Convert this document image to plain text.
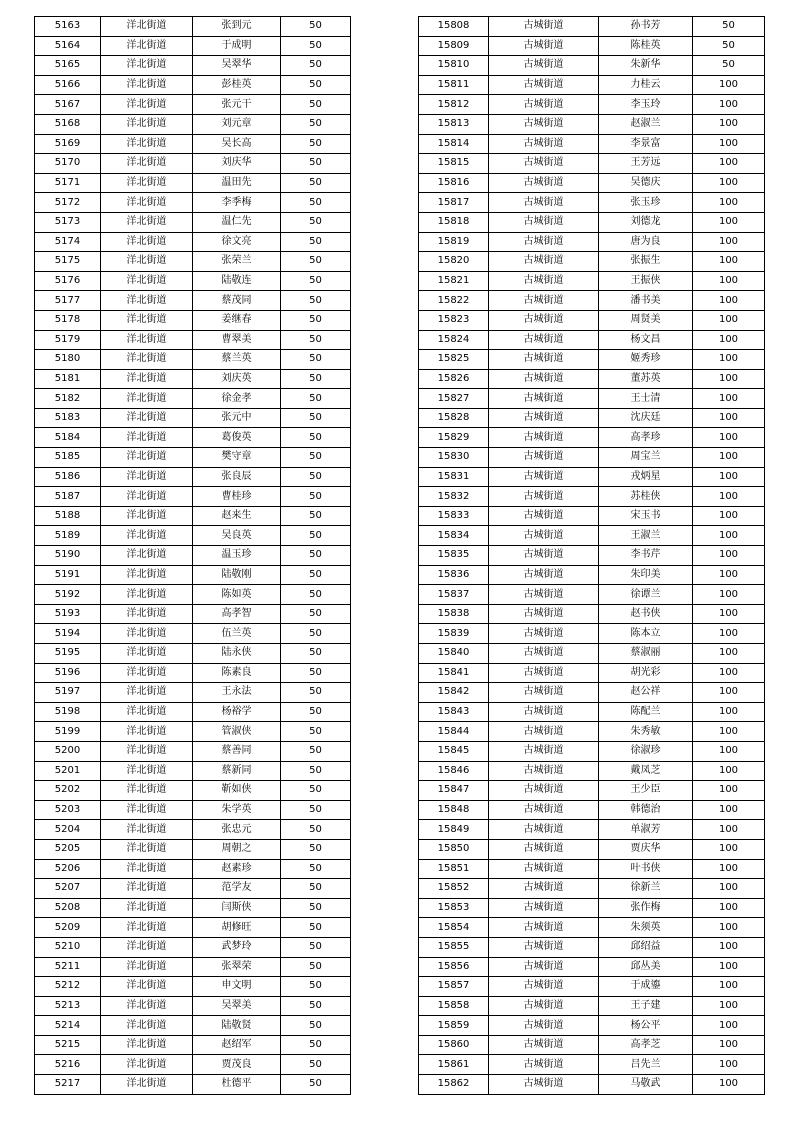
5163	洋北街道	张到元	50
5164	洋北街道	于成明	50
5165	洋北街道	吴翠华	50
5166	洋北街道	彭桂英	50
5167	洋北街道	张元干	50
5168	洋北街道	刘元章	50
5169	洋北街道	吴长高	50
5170	洋北街道	刘庆华	50
5171	洋北街道	温田先	50
5172	洋北街道	李季梅	50
5173	洋北街道	温仁先	50
5174	洋北街道	徐文亮	50
5175	洋北街道	张荣兰	50
5176	洋北街道	陆敬连	50
5177	洋北街道	蔡茂同	50
5178	洋北街道	姜继春	50
5179	洋北街道	曹翠美	50
5180	洋北街道	蔡兰英	50
5181	洋北街道	刘庆英	50
5182	洋北街道	徐金孝	50
5183	洋北街道	张元中	50
5184	洋北街道	葛俊英	50
5185	洋北街道	樊守章	50
5186	洋北街道	张良辰	50
5187	洋北街道	曹桂珍	50
5188	洋北街道	赵来生	50
5189	洋北街道	吴良英	50
5190	洋北街道	温玉珍	50
5191	洋北街道	陆敬刚	50
5192	洋北街道	陈如英	50
5193	洋北街道	高孝智	50
5194	洋北街道	伍兰英	50
5195	洋北街道	陆永侠	50
5196	洋北街道	陈素良	50
5197	洋北街道	王永法	50
5198	洋北街道	杨裕学	50
5199	洋北街道	管淑侠	50
5200	洋北街道	蔡善同	50
5201	洋北街道	蔡新同	50
5202	洋北街道	靳如侠	50
5203	洋北街道	朱学英	50
5204	洋北街道	张忠元	50
5205	洋北街道	周朝之	50
5206	洋北街道	赵素珍	50
5207	洋北街道	范学友	50
5208	洋北街道	闫斯侠	50
5209	洋北街道	胡修旺	50
5210	洋北街道	武梦玲	50
5211	洋北街道	张翠荣	50
5212	洋北街道	申文明	50
5213	洋北街道	吴翠美	50
5214	洋北街道	陆敬贤	50
5215	洋北街道	赵绍军	50
5216	洋北街道	贾茂良	50
5217	洋北街道	杜德平	50
15808	古城街道	孙书芳	50
15809	古城街道	陈桂英	50
15810	古城街道	朱新华	50
15811	古城街道	力桂云	100
15812	古城街道	李玉玲	100
15813	古城街道	赵淑兰	100
15814	古城街道	李景富	100
15815	古城街道	王芳远	100
15816	古城街道	吴德庆	100
15817	古城街道	张玉珍	100
15818	古城街道	刘德龙	100
15819	古城街道	唐为良	100
15820	古城街道	张振生	100
15821	古城街道	王振侠	100
15822	古城街道	潘书美	100
15823	古城街道	周贤美	100
15824	古城街道	杨文昌	100
15825	古城街道	姬秀珍	100
15826	古城街道	董苏英	100
15827	古城街道	王士清	100
15828	古城街道	沈庆廷	100
15829	古城街道	高孝珍	100
15830	古城街道	周宝兰	100
15831	古城街道	戎炳星	100
15832	古城街道	苏桂侠	100
15833	古城街道	宋玉书	100
15834	古城街道	王淑兰	100
15835	古城街道	李书芹	100
15836	古城街道	朱印美	100
15837	古城街道	徐谭兰	100
15838	古城街道	赵书侠	100
15839	古城街道	陈本立	100
15840	古城街道	蔡淑丽	100
15841	古城街道	胡光彩	100
15842	古城街道	赵公祥	100
15843	古城街道	陈配兰	100
15844	古城街道	朱秀敏	100
15845	古城街道	徐淑珍	100
15846	古城街道	戴凤芝	100
15847	古城街道	王少臣	100
15848	古城街道	韩德治	100
15849	古城街道	单淑芳	100
15850	古城街道	贾庆华	100
15851	古城街道	叶书侠	100
15852	古城街道	徐新兰	100
15853	古城街道	张作梅	100
15854	古城街道	朱须英	100
15855	古城街道	邱绍益	100
15856	古城街道	邱丛美	100
15857	古城街道	于成鎏	100
15858	古城街道	王子建	100
15859	古城街道	杨公平	100
15860	古城街道	高孝芝	100
15861	古城街道	吕先兰	100
15862	古城街道	马敬武	100
